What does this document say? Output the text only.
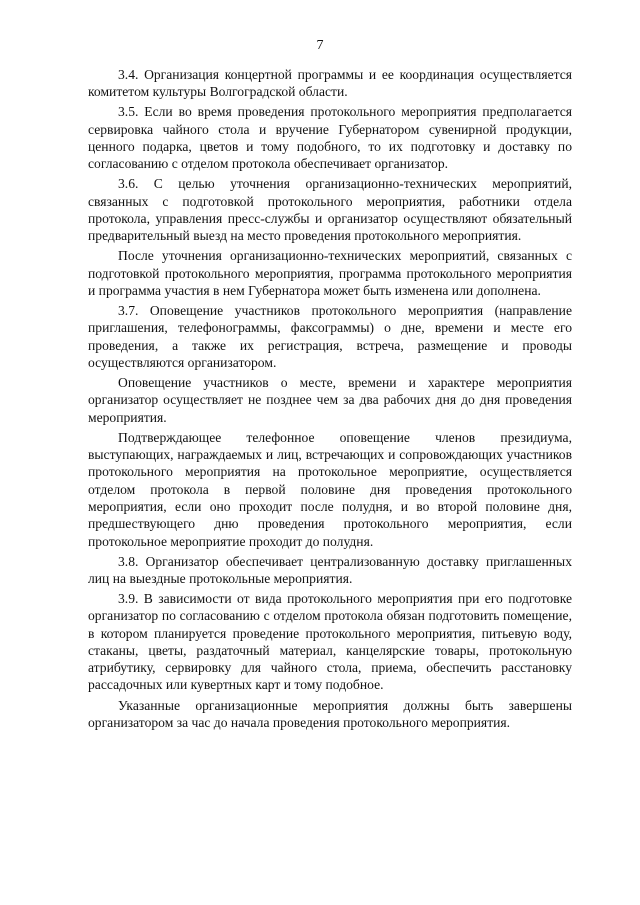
7

3.4. Организация концертной программы и ее координация осуществляется комитетом культуры Волгоградской области.

3.5. Если во время проведения протокольного мероприятия предполагается сервировка чайного стола и вручение Губернатором сувенирной продукции, ценного подарка, цветов и тому подобного, то их подготовку и доставку по согласованию с отделом протокола обеспечивает организатор.

3.6. С целью уточнения организационно-технических мероприятий, связанных с подготовкой протокольного мероприятия, работники отдела протокола, управления пресс-службы и организатор осуществляют обязательный предварительный выезд на место проведения протокольного мероприятия.

После уточнения организационно-технических мероприятий, связанных с подготовкой протокольного мероприятия, программа протокольного мероприятия и программа участия в нем Губернатора может быть изменена или дополнена.

3.7. Оповещение участников протокольного мероприятия (направление приглашения, телефонограммы, факсограммы) о дне, времени и месте его проведения, а также их регистрация, встреча, размещение и проводы осуществляются организатором.

Оповещение участников о месте, времени и характере мероприятия организатор осуществляет не позднее чем за два рабочих дня до дня проведения мероприятия.

Подтверждающее телефонное оповещение членов президиума, выступающих, награждаемых и лиц, встречающих и сопровождающих участников протокольного мероприятия на протокольное мероприятие, осуществляется отделом протокола в первой половине дня проведения протокольного мероприятия, если оно проходит после полудня, и во второй половине дня, предшествующего дню проведения протокольного мероприятия, если протокольное мероприятие проходит до полудня.

3.8. Организатор обеспечивает централизованную доставку приглашенных лиц на выездные протокольные мероприятия.

3.9. В зависимости от вида протокольного мероприятия при его подготовке организатор по согласованию с отделом протокола обязан подготовить помещение, в котором планируется проведение протокольного мероприятия, питьевую воду, стаканы, цветы, раздаточный материал, канцелярские товары, протокольную атрибутику, сервировку для чайного стола, приема, обеспечить расстановку рассадочных или кувертных карт и тому подобное.

Указанные организационные мероприятия должны быть завершены организатором за час до начала проведения протокольного мероприятия.
